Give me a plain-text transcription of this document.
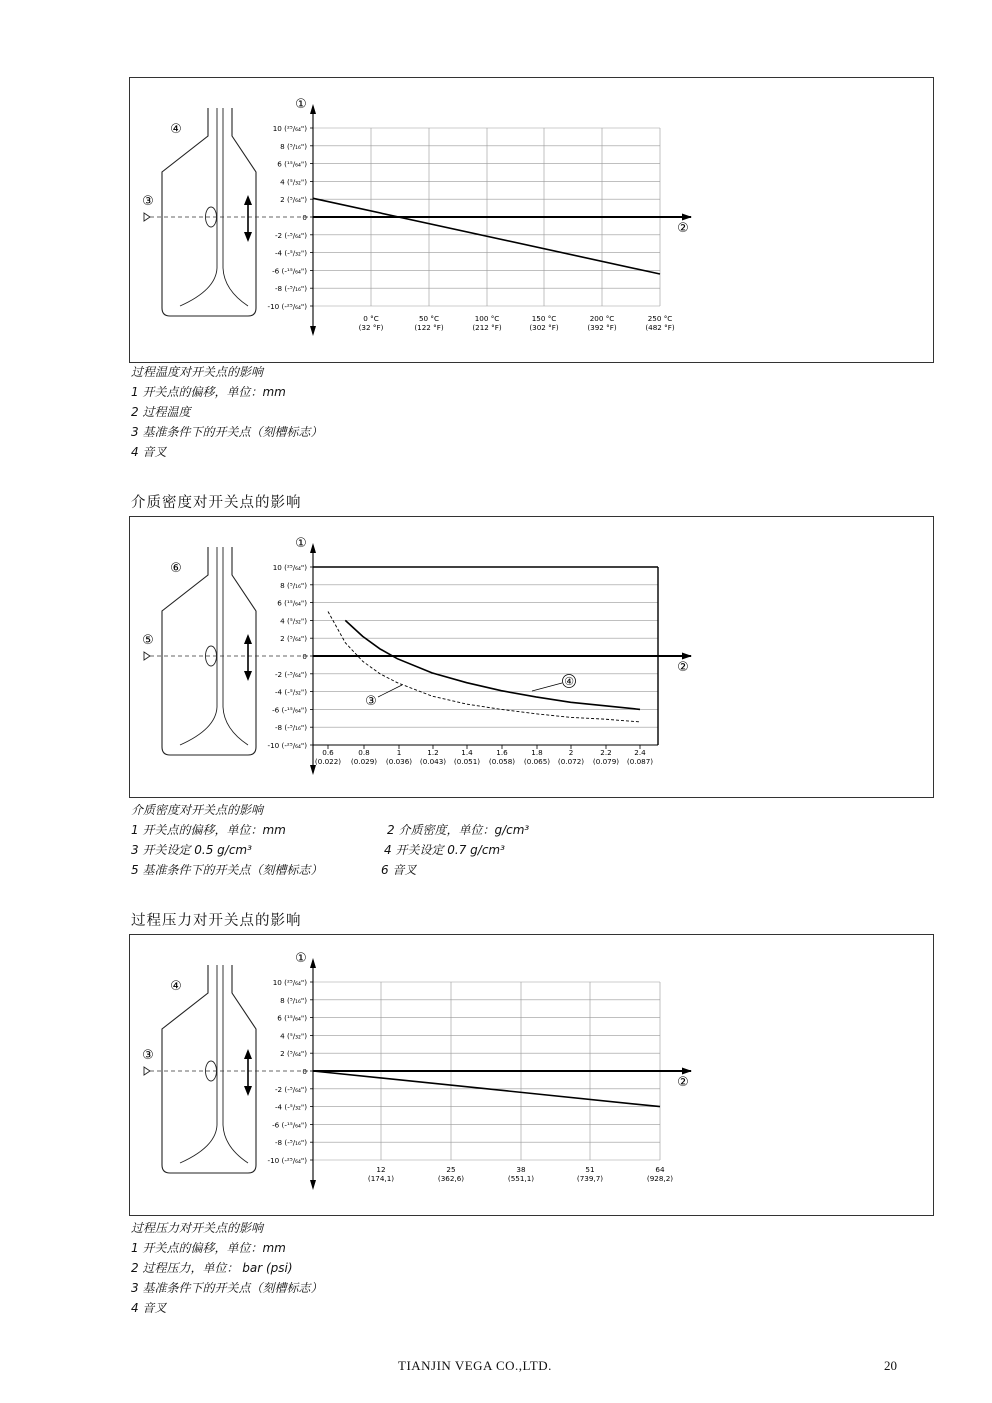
④
③
①
②
10 (²⁵/₆₄")
8 (⁵/₁₆")
6 (¹⁵/₆₄")
4 (⁵/₃₂")
2 (⁵/₆₄")
0
-2 (-⁵/₆₄")
-4 (-⁵/₃₂")
-6 (-¹⁵/₆₄")
-8 (-⁵/₁₆")
-10 (-²⁵/₆₄")
0 °C
(32 °F)
50 °C
(122 °F)
100 °C
(212 °F)
150 °C
(302 °F)
200 °C
(392 °F)
250 °C
(482 °F)
过程温度对开关点的影响
1 开关点的偏移，单位：mm
2 过程温度
3 基准条件下的开关点（刻槽标志）
4 音叉
介质密度对开关点的影响
⑥
⑤
①
②
10 (²⁵/₆₄")
8 (⁵/₁₆")
6 (¹⁵/₆₄")
4 (⁵/₃₂")
2 (⁵/₆₄")
0
-2 (-⁵/₆₄")
-4 (-⁵/₃₂")
-6 (-¹⁵/₆₄")
-8 (-⁵/₁₆")
-10 (-²⁵/₆₄")
0.6
(0.022)
0.8
(0.029)
1
(0.036)
1.2
(0.043)
1.4
(0.051)
1.6
(0.058)
1.8
(0.065)
2
(0.072)
2.2
(0.079)
2.4
(0.087)
④
③
介质密度对开关点的影响
1 开关点的偏移，单位：mm
3 开关设定 0.5 g/cm³
5 基准条件下的开关点（刻槽标志）
2 介质密度，单位：g/cm³
4 开关设定 0.7 g/cm³
6 音叉
过程压力对开关点的影响
④
③
①
②
10 (²⁵/₆₄")
8 (⁵/₁₆")
6 (¹⁵/₆₄")
4 (⁵/₃₂")
2 (⁵/₆₄")
0
-2 (-⁵/₆₄")
-4 (-⁵/₃₂")
-6 (-¹⁵/₆₄")
-8 (-⁵/₁₆")
-10 (-²⁵/₆₄")
12
(174,1)
25
(362,6)
38
(551,1)
51
(739,7)
64
(928,2)
过程压力对开关点的影响
1 开关点的偏移，单位：mm
2 过程压力，单位： bar (psi)
3 基准条件下的开关点（刻槽标志）
4 音叉
TIANJIN VEGA CO.,LTD.	20
